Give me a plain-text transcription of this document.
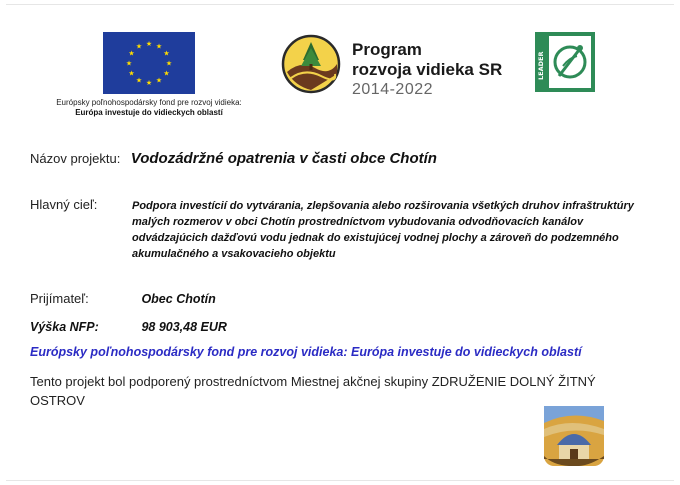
★ ★
★
★
★
★
★
★
★
★
★
★
Európsky poľnohospodársky fond pre rozvoj vidieka:
Európa investuje do vidieckych oblastí
Program
rozvoja vidieka SR
2014-2022
LEADER
Názov projektu: Vodozádržné opatrenia v časti obce Chotín
Hlavný cieľ:	Podpora investícií do vytvárania, zlepšovania alebo rozširovania všetkých druhov infraštruktúry malých rozmerov v obci Chotín prostredníctvom vybudovania odvodňovacích kanálov odvádzajúcich dažďovú vodu jednak do existujúcej vodnej plochy a zároveň do podzemného akumulačného a vsakovacieho objektu
Prijímateľ:	Obec Chotín
Výška NFP:	98 903,48 EUR
Európsky poľnohospodársky fond pre rozvoj vidieka: Európa investuje do vidieckych oblastí
Tento projekt bol podporený prostredníctvom Miestnej akčnej skupiny ZDRUŽENIE DOLNÝ ŽITNÝ OSTROV
